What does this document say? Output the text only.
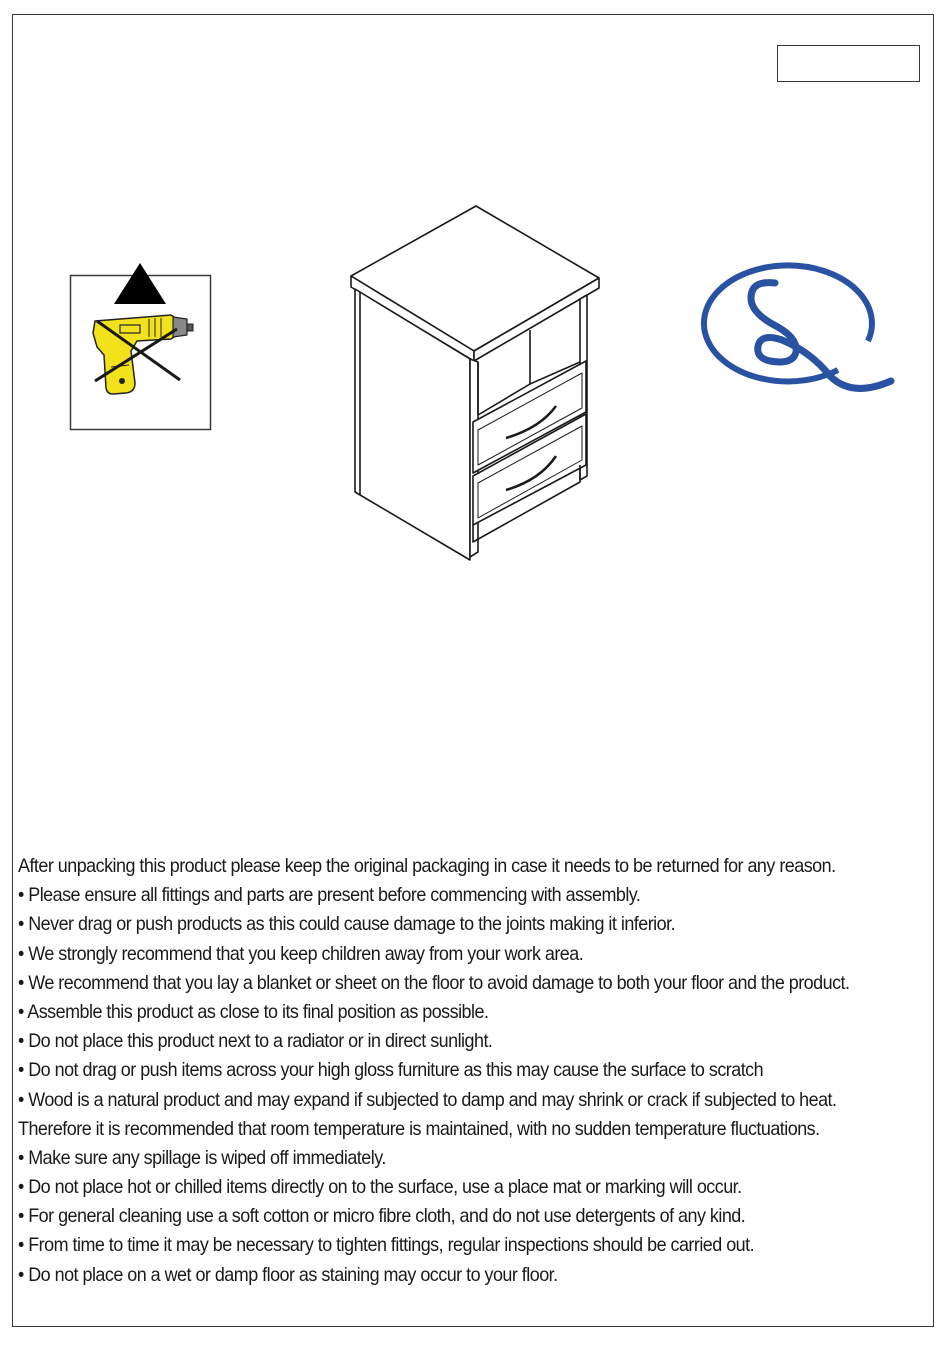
After unpacking this product please keep the original packaging in case it needs to be returned for any reason.

• Please ensure all fittings and parts are present before commencing with assembly.

• Never drag or push products as this could cause damage to the joints making it inferior.

• We strongly recommend that you keep children away from your work area.

• We recommend that you lay a blanket or sheet on the floor to avoid damage to both your floor and the product.

• Assemble this product as close to its final position as possible.

• Do not place this product next to a radiator or in direct sunlight.

• Do not drag or push items across your high gloss furniture as this may cause the surface to scratch

• Wood is a natural product and may expand if subjected to damp and may shrink or crack if subjected to heat.

Therefore it is recommended that room temperature is maintained, with no sudden temperature fluctuations.

• Make sure any spillage is wiped off immediately.

• Do not place hot or chilled items directly on to the surface, use a place mat or marking will occur.

• For general cleaning use a soft cotton or micro fibre cloth, and do not use detergents of any kind.

• From time to time it may be necessary to tighten fittings, regular inspections should be carried out.

• Do not place on a wet or damp floor as staining may occur to your floor.
